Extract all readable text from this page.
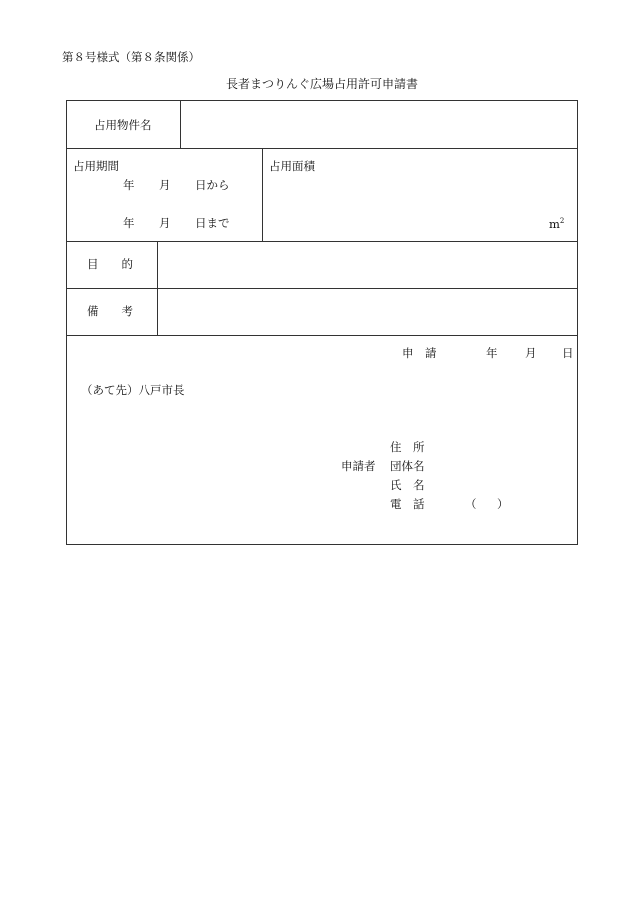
第８号様式（第８条関係）
長者まつりんぐ広場占用許可申請書
占用物件名
占用期間
年 月 日から
年 月 日まで
占用面積
$m^2$
目　　的
備　　考
申　請	年 月 日
（あて先）八戸市長
住　所
申請者 団体名
氏　名
電　話	（ ）
